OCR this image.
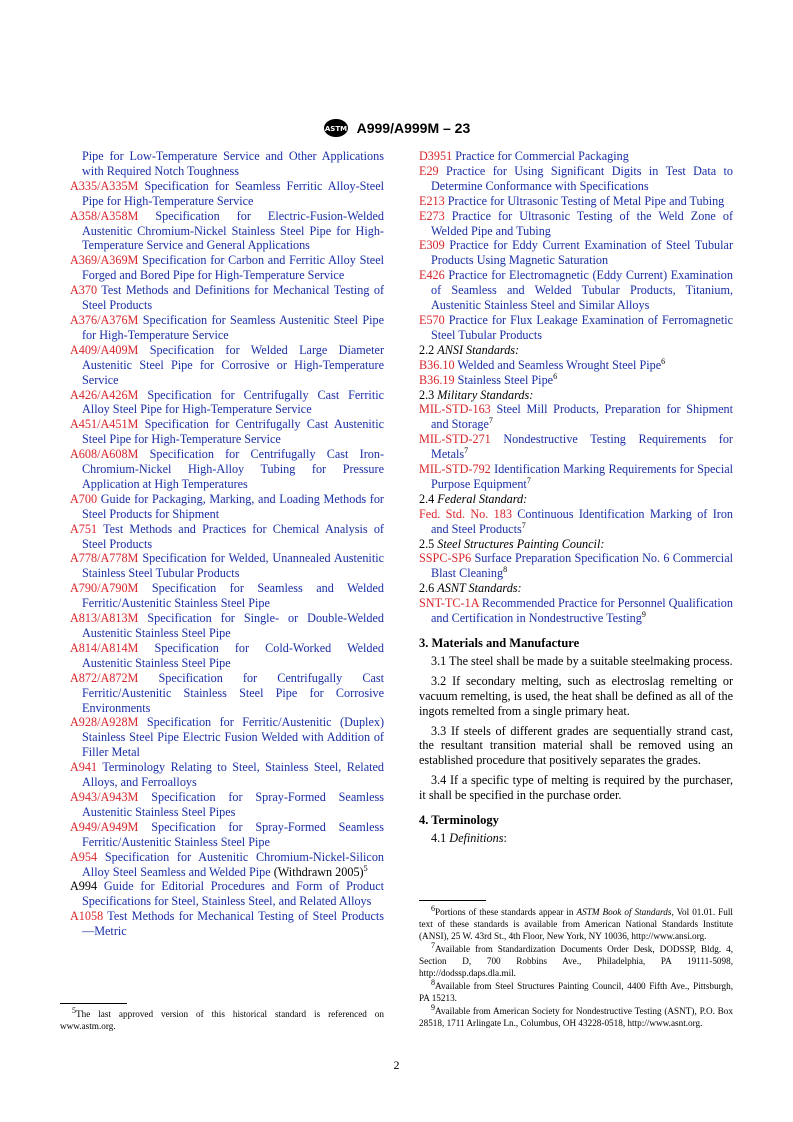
ASTM A999/A999M – 23
Pipe for Low-Temperature Service and Other Applications with Required Notch Toughness
A335/A335M Specification for Seamless Ferritic Alloy-Steel Pipe for High-Temperature Service
A358/A358M Specification for Electric-Fusion-Welded Austenitic Chromium-Nickel Stainless Steel Pipe for High-Temperature Service and General Applications
A369/A369M Specification for Carbon and Ferritic Alloy Steel Forged and Bored Pipe for High-Temperature Service
A370 Test Methods and Definitions for Mechanical Testing of Steel Products
A376/A376M Specification for Seamless Austenitic Steel Pipe for High-Temperature Service
A409/A409M Specification for Welded Large Diameter Austenitic Steel Pipe for Corrosive or High-Temperature Service
A426/A426M Specification for Centrifugally Cast Ferritic Alloy Steel Pipe for High-Temperature Service
A451/A451M Specification for Centrifugally Cast Austenitic Steel Pipe for High-Temperature Service
A608/A608M Specification for Centrifugally Cast Iron-Chromium-Nickel High-Alloy Tubing for Pressure Application at High Temperatures
A700 Guide for Packaging, Marking, and Loading Methods for Steel Products for Shipment
A751 Test Methods and Practices for Chemical Analysis of Steel Products
A778/A778M Specification for Welded, Unannealed Austenitic Stainless Steel Tubular Products
A790/A790M Specification for Seamless and Welded Ferritic/Austenitic Stainless Steel Pipe
A813/A813M Specification for Single- or Double-Welded Austenitic Stainless Steel Pipe
A814/A814M Specification for Cold-Worked Welded Austenitic Stainless Steel Pipe
A872/A872M Specification for Centrifugally Cast Ferritic/Austenitic Stainless Steel Pipe for Corrosive Environments
A928/A928M Specification for Ferritic/Austenitic (Duplex) Stainless Steel Pipe Electric Fusion Welded with Addition of Filler Metal
A941 Terminology Relating to Steel, Stainless Steel, Related Alloys, and Ferroalloys
A943/A943M Specification for Spray-Formed Seamless Austenitic Stainless Steel Pipes
A949/A949M Specification for Spray-Formed Seamless Ferritic/Austenitic Stainless Steel Pipe
A954 Specification for Austenitic Chromium-Nickel-Silicon Alloy Steel Seamless and Welded Pipe (Withdrawn 2005)$^5$
A994 Guide for Editorial Procedures and Form of Product Specifications for Steel, Stainless Steel, and Related Alloys
A1058 Test Methods for Mechanical Testing of Steel Products—Metric

$^5$The last approved version of this historical standard is referenced on www.astm.org.

D3951 Practice for Commercial Packaging
E29 Practice for Using Significant Digits in Test Data to Determine Conformance with Specifications
E213 Practice for Ultrasonic Testing of Metal Pipe and Tubing
E273 Practice for Ultrasonic Testing of the Weld Zone of Welded Pipe and Tubing
E309 Practice for Eddy Current Examination of Steel Tubular Products Using Magnetic Saturation
E426 Practice for Electromagnetic (Eddy Current) Examination of Seamless and Welded Tubular Products, Titanium, Austenitic Stainless Steel and Similar Alloys
E570 Practice for Flux Leakage Examination of Ferromagnetic Steel Tubular Products
2.2 ANSI Standards:
B36.10 Welded and Seamless Wrought Steel Pipe$^6$
B36.19 Stainless Steel Pipe$^6$
2.3 Military Standards:
MIL-STD-163 Steel Mill Products, Preparation for Shipment and Storage$^7$
MIL-STD-271 Nondestructive Testing Requirements for Metals$^7$
MIL-STD-792 Identification Marking Requirements for Special Purpose Equipment$^7$
2.4 Federal Standard:
Fed. Std. No. 183 Continuous Identification Marking of Iron and Steel Products$^7$
2.5 Steel Structures Painting Council:
SSPC-SP6 Surface Preparation Specification No. 6 Commercial Blast Cleaning$^8$
2.6 ASNT Standards:
SNT-TC-1A Recommended Practice for Personnel Qualification and Certification in Nondestructive Testing$^9$
3. Materials and Manufacture
3.1 The steel shall be made by a suitable steelmaking process.
3.2 If secondary melting, such as electroslag remelting or vacuum remelting, is used, the heat shall be defined as all of the ingots remelted from a single primary heat.
3.3 If steels of different grades are sequentially strand cast, the resultant transition material shall be removed using an established procedure that positively separates the grades.
3.4 If a specific type of melting is required by the purchaser, it shall be specified in the purchase order.
4. Terminology
4.1 Definitions:

$^6$Portions of these standards appear in ASTM Book of Standards, Vol 01.01. Full text of these standards is available from American National Standards Institute (ANSI), 25 W. 43rd St., 4th Floor, New York, NY 10036, http://www.ansi.org.

$^7$Available from Standardization Documents Order Desk, DODSSP, Bldg. 4, Section D, 700 Robbins Ave., Philadelphia, PA 19111-5098, http://dodssp.daps.dla.mil.

$^8$Available from Steel Structures Painting Council, 4400 Fifth Ave., Pittsburgh, PA 15213.

$^9$Available from American Society for Nondestructive Testing (ASNT), P.O. Box 28518, 1711 Arlingate Ln., Columbus, OH 43228-0518, http://www.asnt.org.

2
